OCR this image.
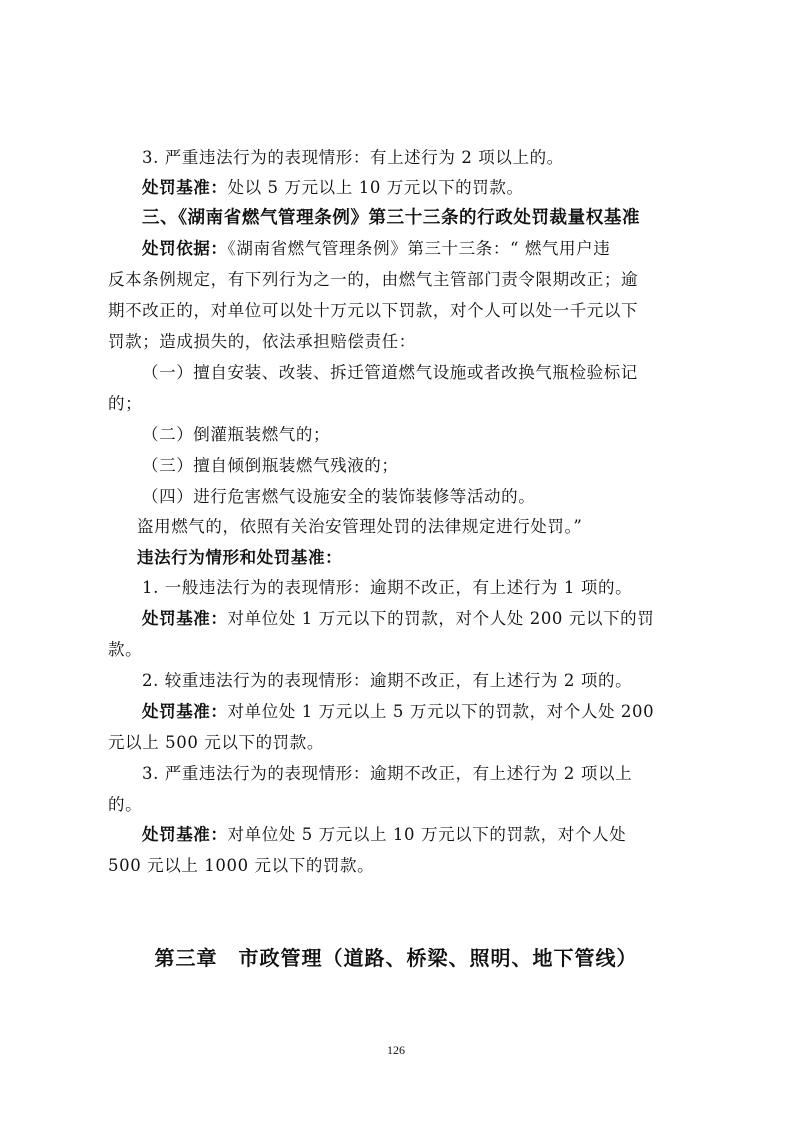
3. 严重违法行为的表现情形：有上述行为 2 项以上的。
处罚基准：处以 5 万元以上 10 万元以下的罚款。
三、《湖南省燃气管理条例》第三十三条的行政处罚裁量权基准
处罚依据：《湖南省燃气管理条例》第三十三条：“ 燃气用户违
反本条例规定，有下列行为之一的，由燃气主管部门责令限期改正；逾
期不改正的，对单位可以处十万元以下罚款，对个人可以处一千元以下
罚款；造成损失的，依法承担赔偿责任：
（一）擅自安装、改装、拆迁管道燃气设施或者改换气瓶检验标记
的；
（二）倒灌瓶装燃气的；
（三）擅自倾倒瓶装燃气残液的；
（四）进行危害燃气设施安全的装饰装修等活动的。
盗用燃气的，依照有关治安管理处罚的法律规定进行处罚。”
违法行为情形和处罚基准：
1. 一般违法行为的表现情形：逾期不改正，有上述行为 1 项的。
处罚基准：对单位处 1 万元以下的罚款，对个人处 200 元以下的罚
款。
2. 较重违法行为的表现情形：逾期不改正，有上述行为 2 项的。
处罚基准：对单位处 1 万元以上 5 万元以下的罚款，对个人处 200
元以上 500 元以下的罚款。
3. 严重违法行为的表现情形：逾期不改正，有上述行为 2 项以上
的。
处罚基准：对单位处 5 万元以上 10 万元以下的罚款，对个人处
500 元以上 1000 元以下的罚款。
第三章　市政管理（道路、桥梁、照明、地下管线）
126
